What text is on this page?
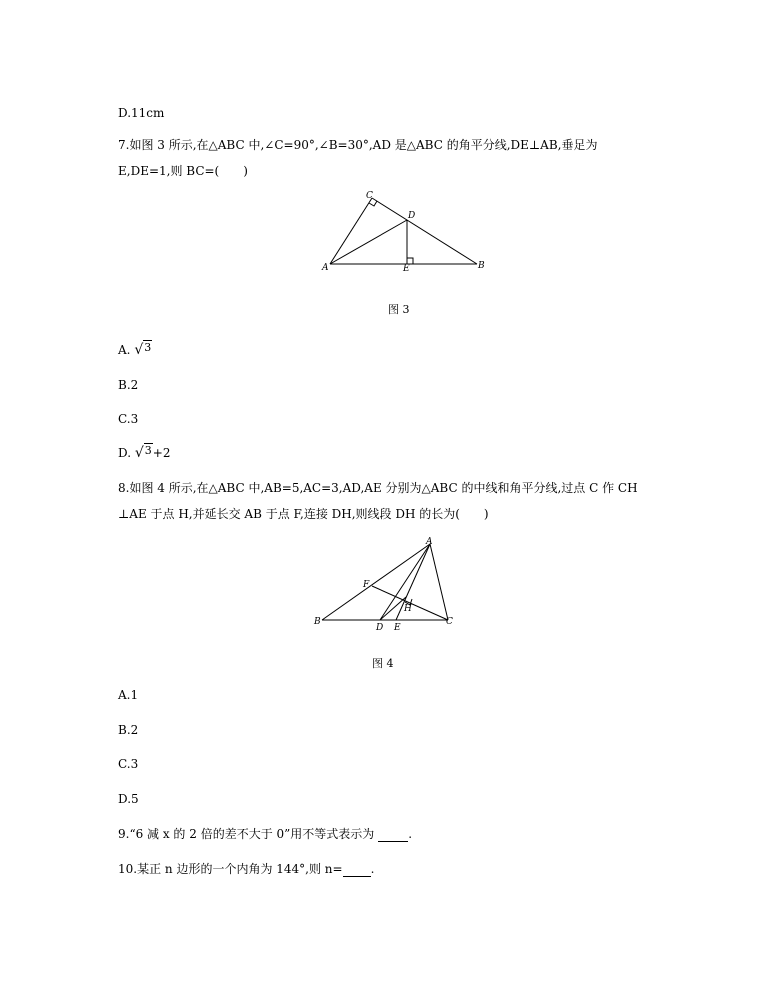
D.11cm
7.如图 3 所示,在△ABC 中,∠C=90°,∠B=30°,AD 是△ABC 的角平分线,DE⊥AB,垂足为
E,DE=1,则 BC=(　　)
A
C
D
E	B
图 3
A. √$^3$
B.2
C.3
D. √$^3$+2
8.如图 4 所示,在△ABC 中,AB=5,AC=3,AD,AE 分别为△ABC 的中线和角平分线,过点 C 作 CH
⊥AE 于点 H,并延长交 AB 于点 F,连接 DH,则线段 DH 的长为(　　)
A
F
H
B
D E
C
图 4
A.1
B.2
C.3
D.5
9.“6 减 x 的 2 倍的差不大于 0”用不等式表示为	.
10.某正 n 边形的一个内角为 144°,则 n= .
